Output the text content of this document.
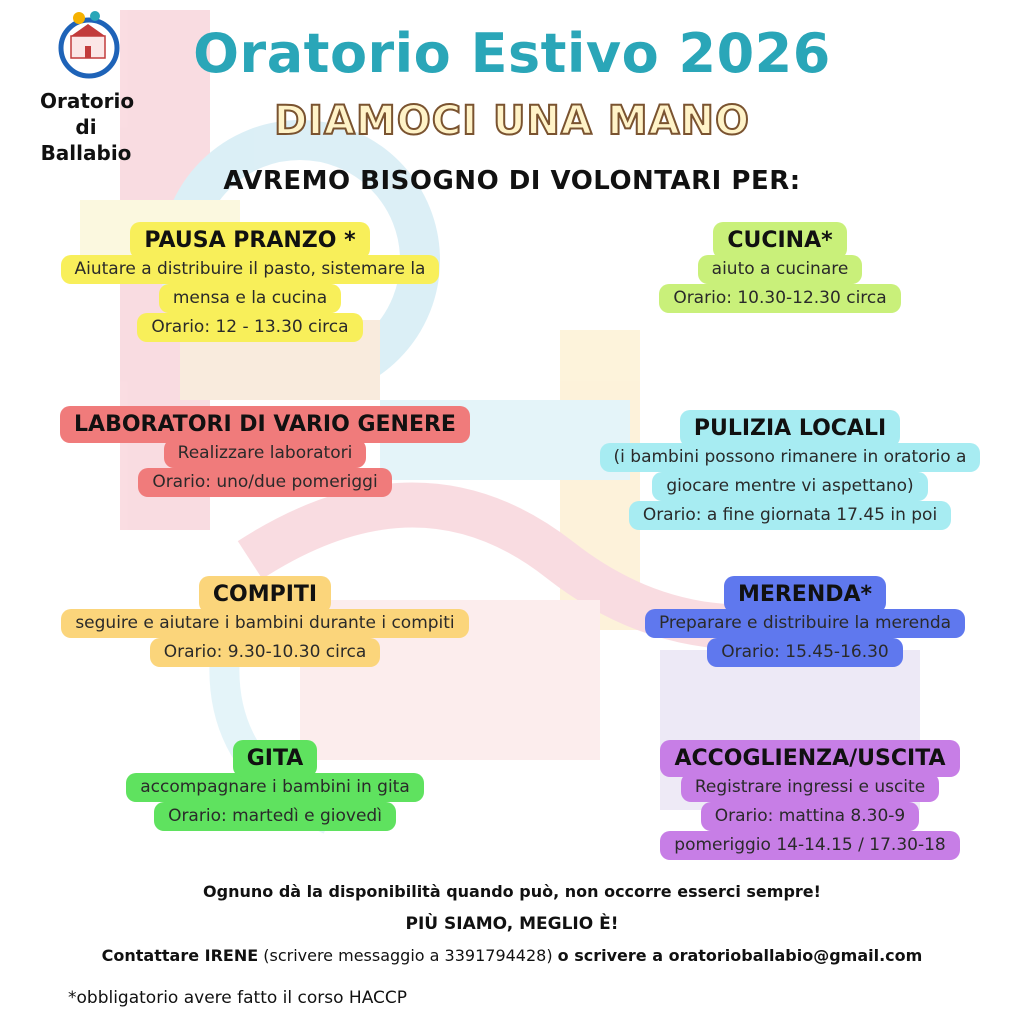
Oratorio
di Ballabio
Oratorio Estivo 2026
DIAMOCI UNA MANO
AVREMO BISOGNO DI VOLONTARI PER:
PAUSA PRANZO *
Aiutare a distribuire il pasto, sistemare la
mensa e la cucina
Orario: 12 - 13.30 circa
CUCINA*
aiuto a cucinare
Orario: 10.30-12.30 circa
LABORATORI DI VARIO GENERE
Realizzare laboratori
Orario: uno/due pomeriggi
PULIZIA LOCALI
(i bambini possono rimanere in oratorio a
giocare mentre vi aspettano)
Orario: a fine giornata 17.45 in poi
COMPITI
seguire e aiutare i bambini durante i compiti
Orario: 9.30-10.30 circa
MERENDA*
Preparare e distribuire la merenda
Orario: 15.45-16.30
GITA
accompagnare i bambini in gita
Orario: martedì e giovedì
ACCOGLIENZA/USCITA
Registrare ingressi e uscite
Orario: mattina 8.30-9
pomeriggio 14-14.15 / 17.30-18
Ognuno dà la disponibilità quando può, non occorre esserci sempre!
PIÙ SIAMO, MEGLIO È!
Contattare IRENE (scrivere messaggio a 3391794428) o scrivere a oratorioballabio@gmail.com
*obbligatorio avere fatto il corso HACCP
